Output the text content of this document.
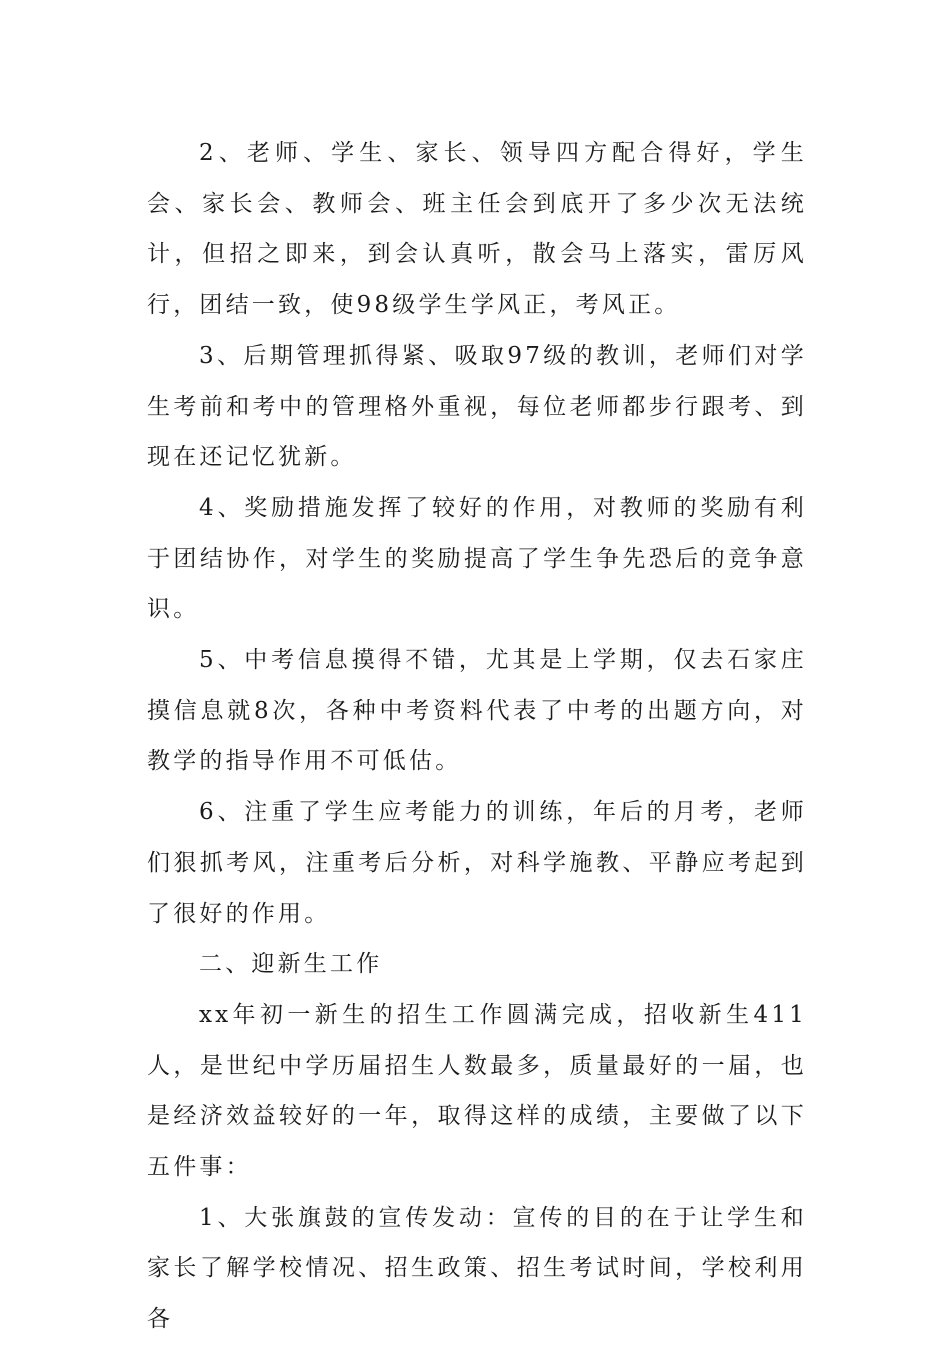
2、老师、学生、家长、领导四方配合得好，学生会、家长会、教师会、班主任会到底开了多少次无法统计，但招之即来，到会认真听，散会马上落实，雷厉风行，团结一致，使98级学生学风正，考风正。

3、后期管理抓得紧、吸取97级的教训，老师们对学生考前和考中的管理格外重视，每位老师都步行跟考、到现在还记忆犹新。

4、奖励措施发挥了较好的作用，对教师的奖励有利于团结协作，对学生的奖励提高了学生争先恐后的竞争意识。

5、中考信息摸得不错，尤其是上学期，仅去石家庄摸信息就8次，各种中考资料代表了中考的出题方向，对教学的指导作用不可低估。

6、注重了学生应考能力的训练，年后的月考，老师们狠抓考风，注重考后分析，对科学施教、平静应考起到了很好的作用。

二、迎新生工作

xx年初一新生的招生工作圆满完成，招收新生411人，是世纪中学历届招生人数最多，质量最好的一届，也是经济效益较好的一年，取得这样的成绩，主要做了以下五件事：

1、大张旗鼓的宣传发动：宣传的目的在于让学生和家长了解学校情况、招生政策、招生考试时间，学校利用各
